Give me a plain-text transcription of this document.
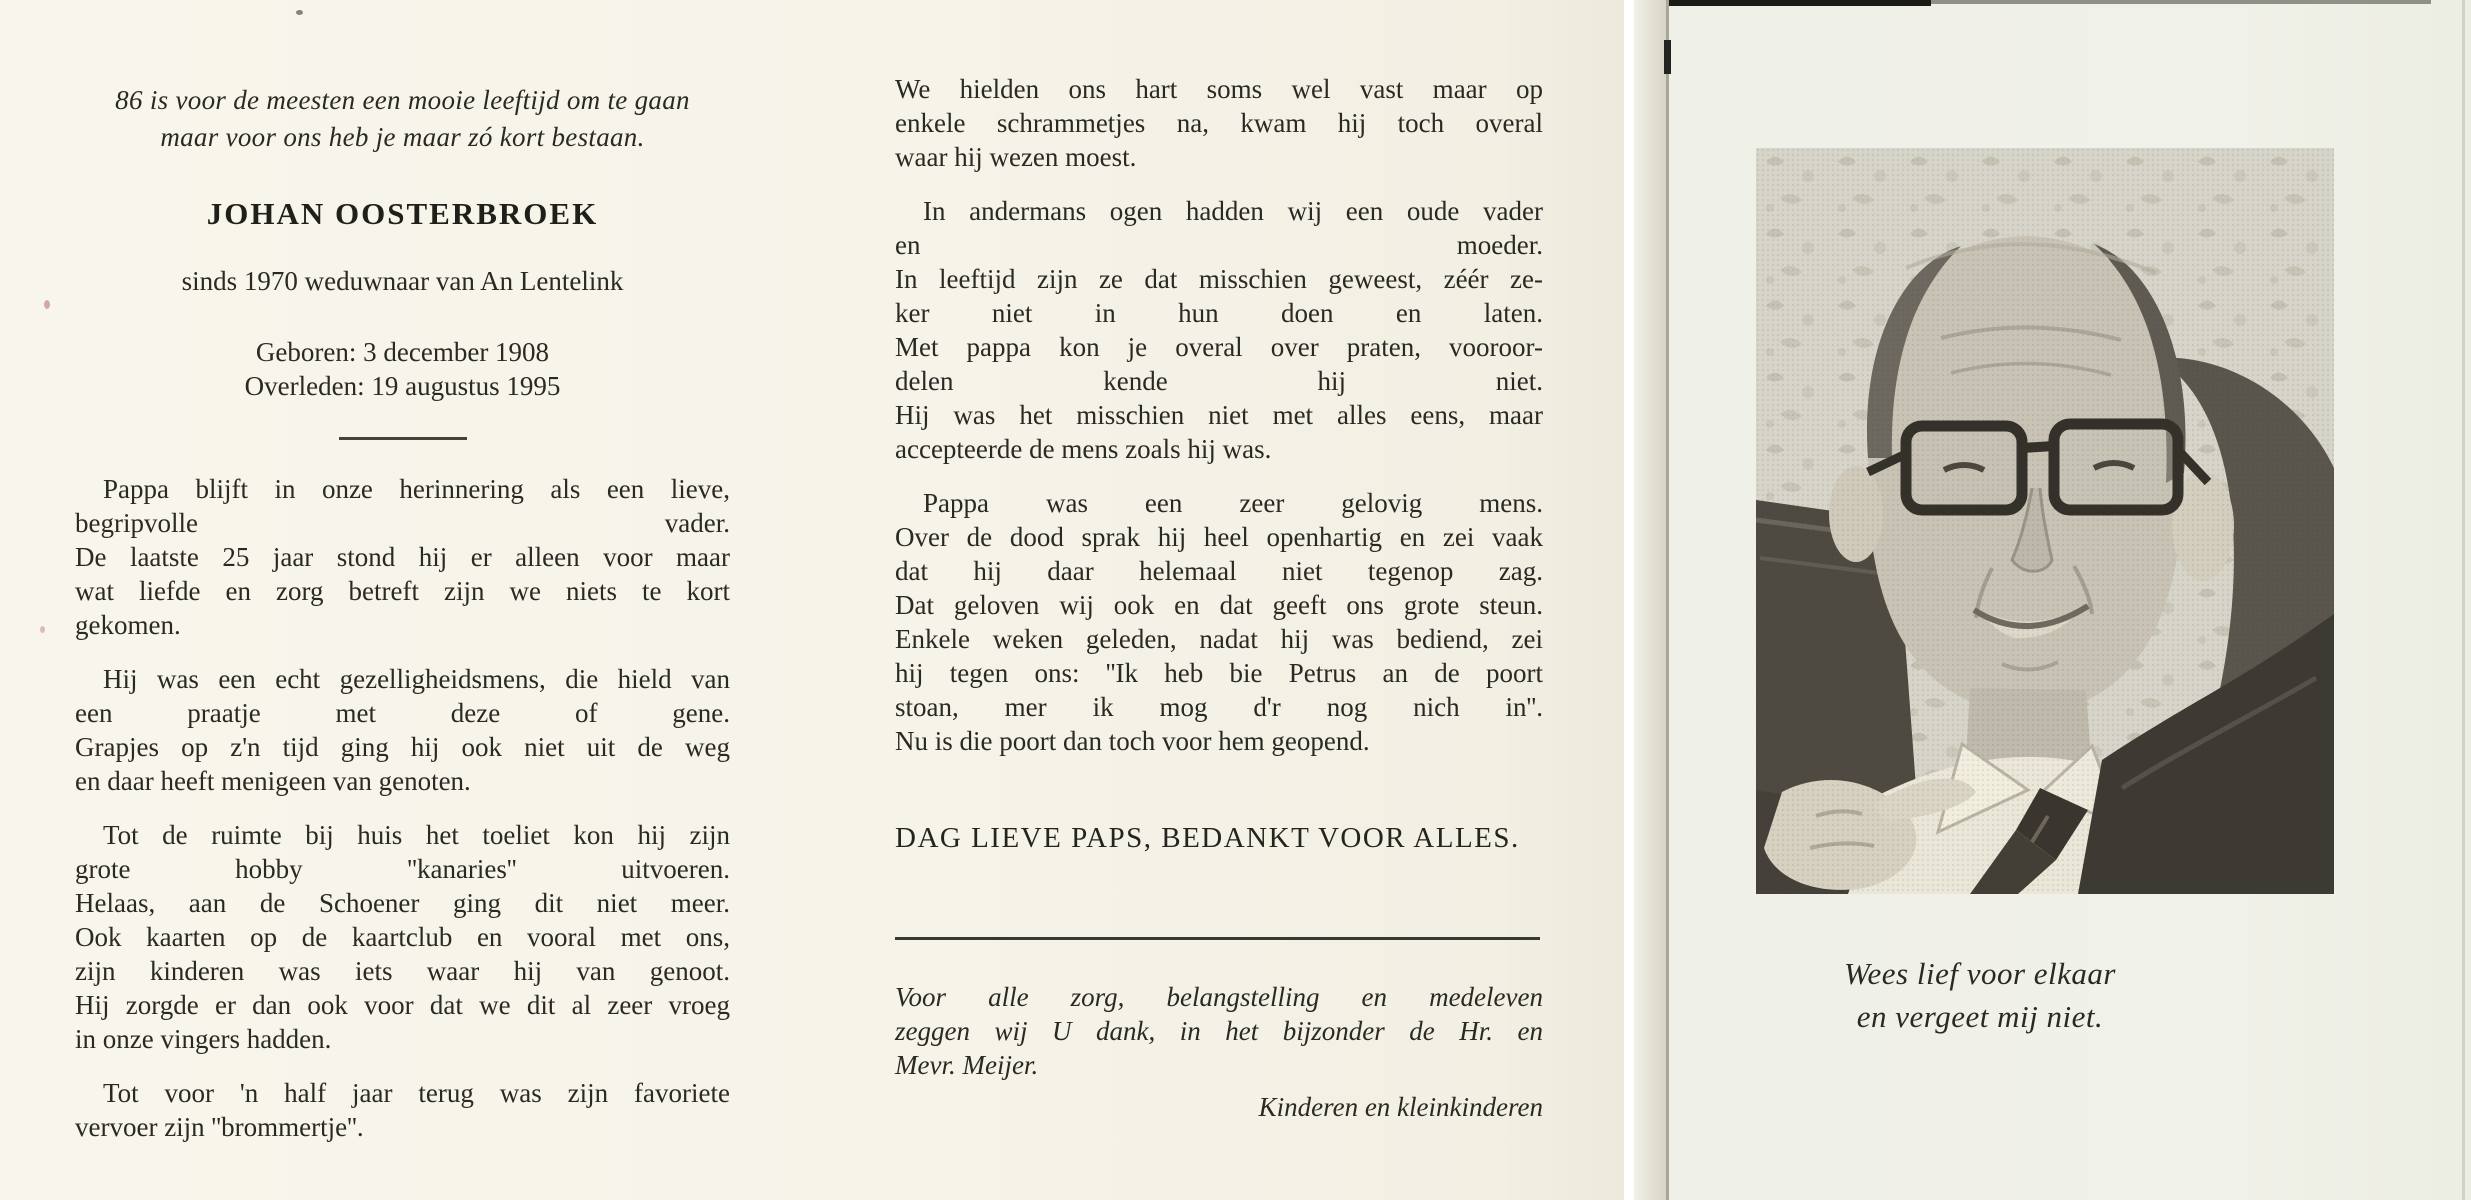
86 is voor de meesten een mooie leeftijd om te gaan
maar voor ons heb je maar zó kort bestaan.
JOHAN OOSTERBROEK
sinds 1970 weduwnaar van An Lentelink
Geboren: 3 december 1908
Overleden: 19 augustus 1995
Pappa blijft in onze herinnering als een lieve,
begripvolle vader.
De laatste 25 jaar stond hij er alleen voor maar
wat liefde en zorg betreft zijn we niets te kort
gekomen.
Hij was een echt gezelligheidsmens, die hield van
een praatje met deze of gene.
Grapjes op z'n tijd ging hij ook niet uit de weg
en daar heeft menigeen van genoten.
Tot de ruimte bij huis het toeliet kon hij zijn
grote hobby ''kanaries'' uitvoeren.
Helaas, aan de Schoener ging dit niet meer.
Ook kaarten op de kaartclub en vooral met ons,
zijn kinderen was iets waar hij van genoot.
Hij zorgde er dan ook voor dat we dit al zeer vroeg
in onze vingers hadden.
Tot voor 'n half jaar terug was zijn favoriete
vervoer zijn ''brommertje''.
We hielden ons hart soms wel vast maar op
enkele schrammetjes na, kwam hij toch overal
waar hij wezen moest.
In andermans ogen hadden wij een oude vader
en moeder.
In leeftijd zijn ze dat misschien geweest, zéér ze-
ker niet in hun doen en laten.
Met pappa kon je overal over praten, vooroor-
delen kende hij niet.
Hij was het misschien niet met alles eens, maar
accepteerde de mens zoals hij was.
Pappa was een zeer gelovig mens.
Over de dood sprak hij heel openhartig en zei vaak
dat hij daar helemaal niet tegenop zag.
Dat geloven wij ook en dat geeft ons grote steun.
Enkele weken geleden, nadat hij was bediend, zei
hij tegen ons: ''Ik heb bie Petrus an de poort
stoan, mer ik mog d'r nog nich in''.
Nu is die poort dan toch voor hem geopend.
DAG LIEVE PAPS, BEDANKT VOOR ALLES.
Voor alle zorg, belangstelling en medeleven
zeggen wij U dank, in het bijzonder de Hr. en
Mevr. Meijer.
Kinderen en kleinkinderen
Wees lief voor elkaar
en vergeet mij niet.
